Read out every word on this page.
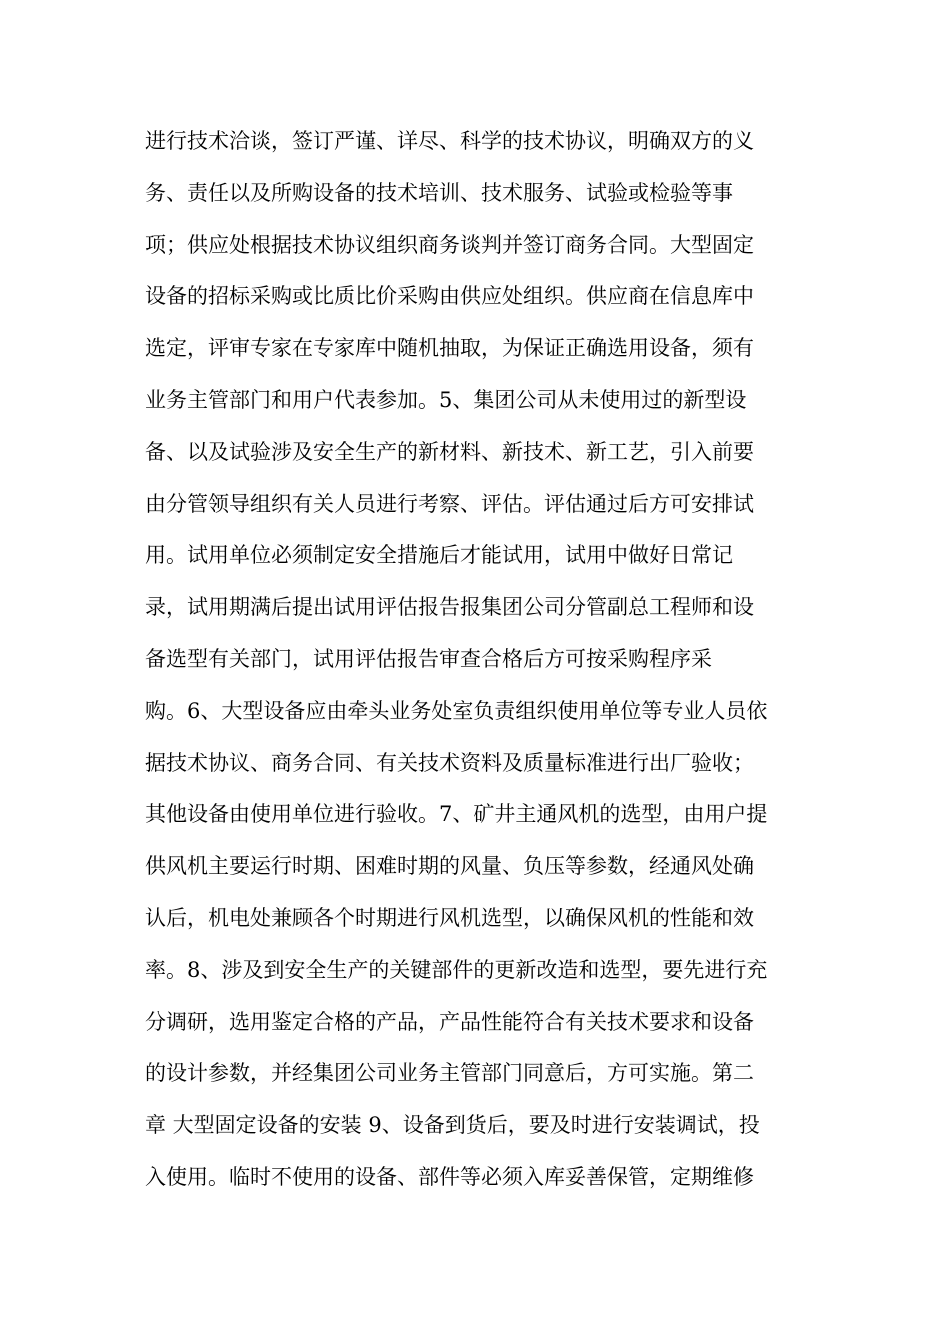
进行技术洽谈，签订严谨、详尽、科学的技术协议，明确双方的义
务、责任以及所购设备的技术培训、技术服务、试验或检验等事
项；供应处根据技术协议组织商务谈判并签订商务合同。大型固定
设备的招标采购或比质比价采购由供应处组织。供应商在信息库中
选定，评审专家在专家库中随机抽取，为保证正确选用设备，须有
业务主管部门和用户代表参加。5、集团公司从未使用过的新型设
备、以及试验涉及安全生产的新材料、新技术、新工艺，引入前要
由分管领导组织有关人员进行考察、评估。评估通过后方可安排试
用。试用单位必须制定安全措施后才能试用，试用中做好日常记
录，试用期满后提出试用评估报告报集团公司分管副总工程师和设
备选型有关部门，试用评估报告审查合格后方可按采购程序采
购。6、大型设备应由牵头业务处室负责组织使用单位等专业人员依
据技术协议、商务合同、有关技术资料及质量标准进行出厂验收；
其他设备由使用单位进行验收。7、矿井主通风机的选型，由用户提
供风机主要运行时期、困难时期的风量、负压等参数，经通风处确
认后，机电处兼顾各个时期进行风机选型，以确保风机的性能和效
率。8、涉及到安全生产的关键部件的更新改造和选型，要先进行充
分调研，选用鉴定合格的产品，产品性能符合有关技术要求和设备
的设计参数，并经集团公司业务主管部门同意后，方可实施。第二
章 大型固定设备的安装 9、设备到货后，要及时进行安装调试，投
入使用。临时不使用的设备、部件等必须入库妥善保管，定期维修
